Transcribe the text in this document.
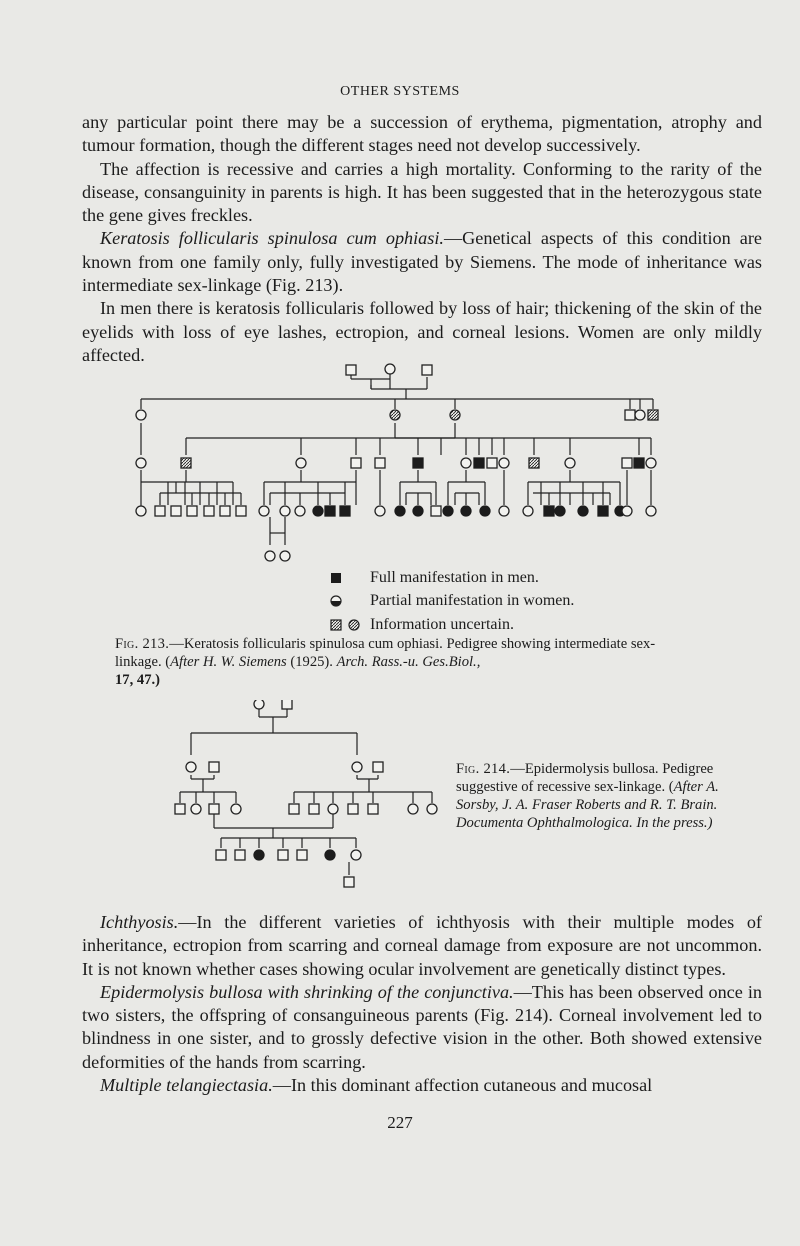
OTHER SYSTEMS

any particular point there may be a succession of erythema, pigmentation, atrophy and tumour formation, though the different stages need not develop successively.

The affection is recessive and carries a high mortality. Conforming to the rarity of the disease, consanguinity in parents is high. It has been suggested that in the heterozygous state the gene gives freckles.

Keratosis follicularis spinulosa cum ophiasi.—Genetical aspects of this condition are known from one family only, fully investigated by Siemens. The mode of inheritance was intermediate sex-linkage (Fig. 213).

In men there is keratosis follicularis followed by loss of hair; thickening of the skin of the eyelids with loss of eye lashes, ectropion, and corneal lesions. Women are only mildly affected.

Full manifestation in men.
Partial manifestation in women.
Information uncertain.
Fig. 213.—Keratosis follicularis spinulosa cum ophiasi. Pedigree showing intermediate sex-linkage. (After H. W. Siemens (1925). Arch. Rass.-u. Ges.Biol.,
17, 47.)
Fig. 214.—Epidermolysis bullosa. Pedigree suggestive of recessive sex-linkage. (After A. Sorsby, J. A. Fraser Roberts and R. T. Brain. Documenta Ophthalmologica. In the press.)

Ichthyosis.—In the different varieties of ichthyosis with their multiple modes of inheritance, ectropion from scarring and corneal damage from exposure are not uncommon. It is not known whether cases showing ocular involvement are genetically distinct types.

Epidermolysis bullosa with shrinking of the conjunctiva.—This has been observed once in two sisters, the offspring of consanguineous parents (Fig. 214). Corneal involvement led to blindness in one sister, and to grossly defective vision in the other. Both showed extensive deformities of the hands from scarring.

Multiple telangiectasia.—In this dominant affection cutaneous and mucosal

227
